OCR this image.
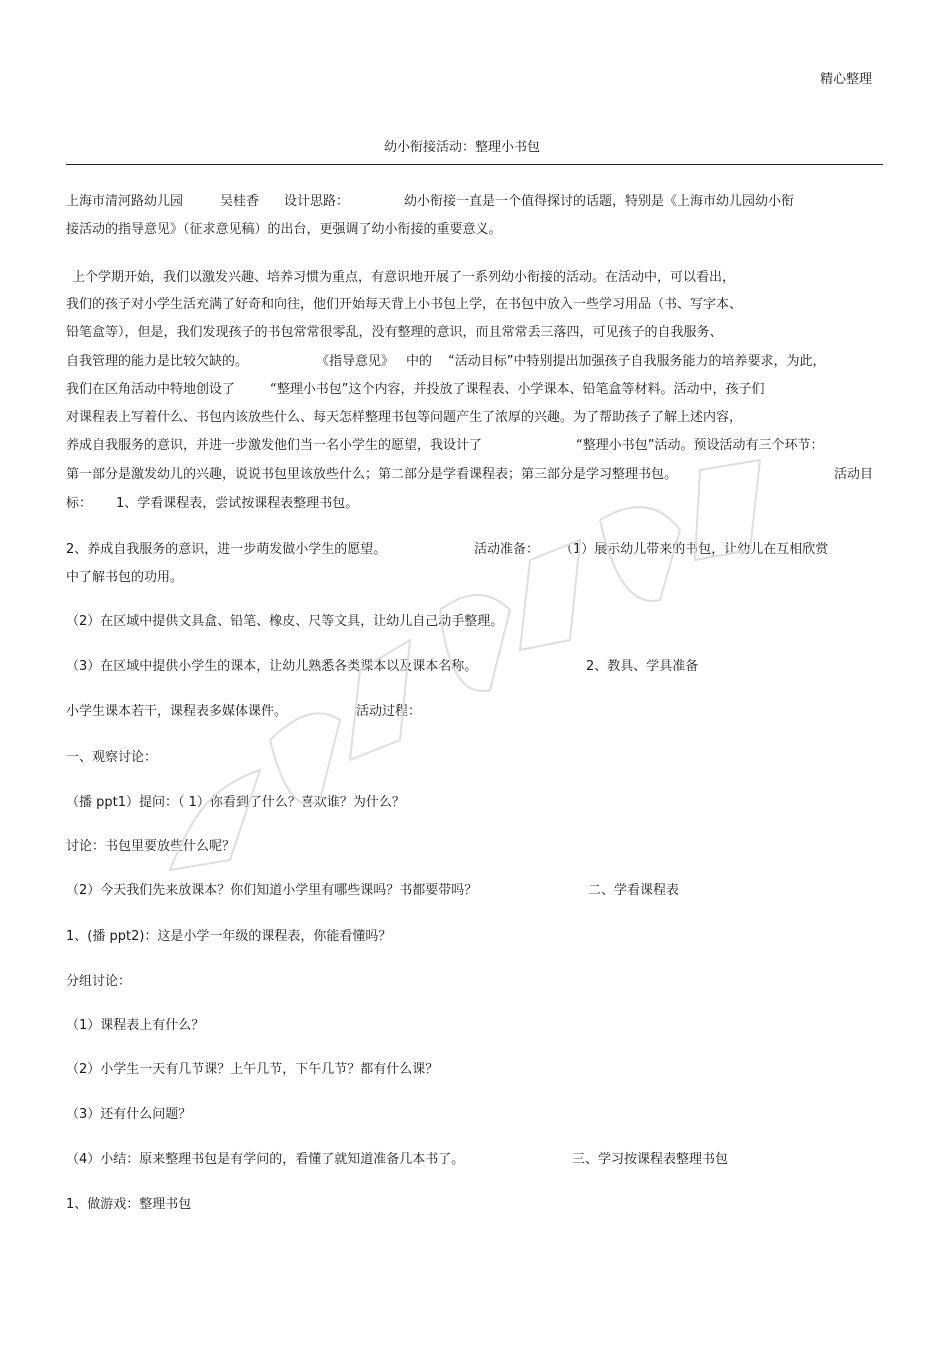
精心整理
幼小衔接活动：整理小书包
上海市清河路幼儿园	吴桂香 设计思路：	幼小衔接一直是一个值得探讨的话题，特别是《上海市幼儿园幼小衔
接活动的指导意见》（征求意见稿）的出台，更强调了幼小衔接的重要意义。
上个学期开始，我们以激发兴趣、培养习惯为重点，有意识地开展了一系列幼小衔接的活动。在活动中，可以看出，
我们的孩子对小学生活充满了好奇和向往，他们开始每天背上小书包上学，在书包中放入一些学习用品（书、写字本、
铅笔盒等），但是，我们发现孩子的书包常常很零乱，没有整理的意识，而且常常丢三落四，可见孩子的自我服务、
自我管理的能力是比较欠缺的。	《指导意见》 中的 “活动目标”中特别提出加强孩子自我服务能力的培养要求，为此，
我们在区角活动中特地创设了	“整理小书包”这个内容，并投放了课程表、小学课本、铅笔盒等材料。活动中，孩子们
对课程表上写着什么、书包内该放些什么、每天怎样整理书包等问题产生了浓厚的兴趣。为了帮助孩子了解上述内容，
养成自我服务的意识，并进一步激发他们当一名小学生的愿望，我设计了	“整理小书包”活动。预设活动有三个环节：
第一部分是激发幼儿的兴趣，说说书包里该放些什么；第二部分是学看课程表；第三部分是学习整理书包。	活动目
标： 1、学看课程表，尝试按课程表整理书包。
2、养成自我服务的意识，进一步萌发做小学生的愿望。	活动准备： （1）展示幼儿带来的书包，让幼儿在互相欣赏
中了解书包的功用。
（2）在区域中提供文具盒、铅笔、橡皮、尺等文具，让幼儿自己动手整理。
（3）在区域中提供小学生的课本，让幼儿熟悉各类课本以及课本名称。	2、教具、学具准备
小学生课本若干，课程表多媒体课件。	活动过程：
一、观察讨论：
（播 ppt1）提问：（ 1）你看到了什么？喜欢谁？为什么？
讨论：书包里要放些什么呢？
（2）今天我们先来放课本？你们知道小学里有哪些课吗？书都要带吗？	二、学看课程表
1、(播 ppt2)：这是小学一年级的课程表，你能看懂吗？
分组讨论：
（1）课程表上有什么？
（2）小学生一天有几节课？上午几节，下午几节？都有什么课？
（3）还有什么问题？
（4）小结：原来整理书包是有学问的，看懂了就知道准备几本书了。	三、学习按课程表整理书包
1、做游戏：整理书包
